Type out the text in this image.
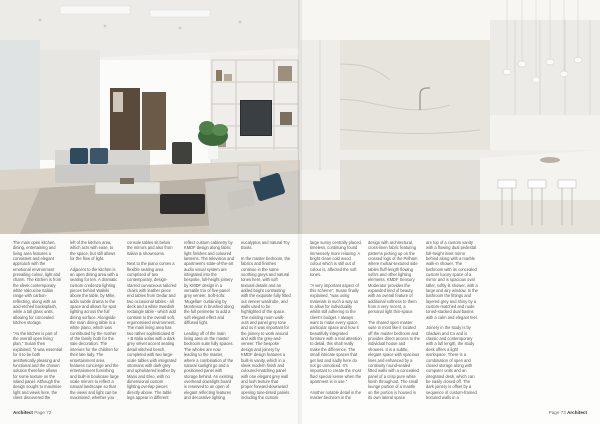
The main open kitchen, dining, entertaining and living area features a consistent and elegant approach with the emotional environment prevailing colour, light and charm. The kitchen is from the sleek contemporary white Valcucine Italian range with carbon-reflecting, along with an acid-etched backsplash, while a tall glass units, allowing for concealed kitchen storage.

"As the kitchen is part of the overall open living plan," Susan then explained, "it was essential for it to be both aesthetically pleasing and functional and the chosen solution therefore allows for some texture on the island panel. Although the design sought to maximise light and views here, the client discovered the

left of the kitchen area, which acts with ease, to the space, but still allows for the flow of light.

Adjacent to the kitchen is an open dining area with a seating for ten. A dramatic custom credenza lighting pieces behind Waikiki above the table, by Mike, adds subtle drama to the space and allows for spot lighting across the full dining surface. Alongside the main dining table is a white piano, which was contributed by the mother of the family both for the sale decoration. The interiors for the children for their late lady. The entertainment area features concierge and the entertainment furnishing and built-in bookcase large scale mirrors to reflect a natural landscape so that the views and light can be maximised, whether you

console tables sit below the mirrors and also from Italian & showrooms.

Next to the piano comes a flexible seating area comprised of two contemporary, design-starred curvaceous tailored chairs with leather piece end tables from Dedar and two occasional tables - all deck and a white Swedish rectangle table - which add contrast to the overall soft, ergonomised environment. The main living area has two rather sophisticated B + B Italia sofas with a dark grey velvet accent seating detail stitched bench, completed with two large-scale tables with integrated ottomans with dark grey and upholstered leather by Mario and Eleo, with no dimensional custom lighting overlap pieces directly above. The table legs appear in different

reflect custom cabinetry by KMDF design along fabric light finishes and coloured lanterns. The television and apartment's state-of-the-art audio visual system are integrated into the bespoke, full-height joinery by KMDF design in a versatile trio of five-panel grey veneer. Soft-sofa: 'Mugellan' curtaining by Montresor in brushed along the full perimeter to add a soft elegant effect and diffused light.

Leading off of the main living area on the master bedroom suite fully spaces. The wholes are now leading to the master, where a combination of the natural sunlight go and a positioned panel with storage behind. An existing overhead downlight board is reserved to an open of elegant reflecting features and decorative lighting

eucalyptus and natural Toy Boots.

In the master bedroom, the fabrics and finishes continue in the same soothing greys and natural tones here, with soft textural details and an added bright contrasting with the exquisite fully fitted out veneer wardrobe, and walls used to be highlighted of the space. The existing room walk-outs and panel grey tone and so it was important for the joinery to work around and with the grey-and-veneer. The bespoke design and joinery by KMDF design features a built-in vanity, which in a sleek modern finish and coloured-matching panel with one elegant grey wall and lush texture that proper forward-downward opening tone-tinted panels including the custom

Architect Page 72

large sunny centrally placed, timeless, continuing found immensely more relaxing. A bright clean cold wood colour which is still out of colour is, affected the soft tones.

"A very important aspect of this scheme", Susan finally explained, "was using materials in such a way as to allow for individuality whilst still adhering to the client's budget. I always want to make every space, particular space and how it beautifully integrated furniture with a real attention to detail, this shall really make the difference. The small intricate spaces that get lost and sadly here do not go unnoticed. It's important to create the most fluid special sense when the apartment is in use."

Another notable detail in the master bedroom in the

design with architectural, cross-linen fabric featuring patterns picking up on the crossed logs of the Pelham where mohair-textured side tables fluff-length flowing sofa's and other lighting elements. KMDF Sensory Moderator provides the expanded kind of beauty, with an overall feature of additional softness to them from a very recent, a personal light thin-space.

The shared open master suite in most like it located off the master bedroom and provides direct access to the individual house and showers. It is a subtle, elegant space with spacious lines and enhanced by a continuity round-sealed fitted walls with a concealed panel of a crisp pure white finish throughout. The small lounge portion of a mantle on the portion is housed in its own lateral space

are top of a custom vanity with a flowing dual pedestal full-height inset mirror behind along with a marble walk-in shower. The bathroom with its concealed custom luxury space of a mirror and is spacious oval taller, softly lit shower, with a large and airy window. In the bathroom the fittings and layered grey and shiny by a custom-matched and nude toned-stacked dual basins with a calm and elegant feel.

Joinery in the study is by Gladwin and Co and is classic and contemporary with a full length, the study desk offers a light workspace. There is a combination of open and closed storage along with computer units and an integrated desk, which can be easily closed off. The dark joinery is offset by a sequence of custom-framed textured walls in a

Page 73 Architect
